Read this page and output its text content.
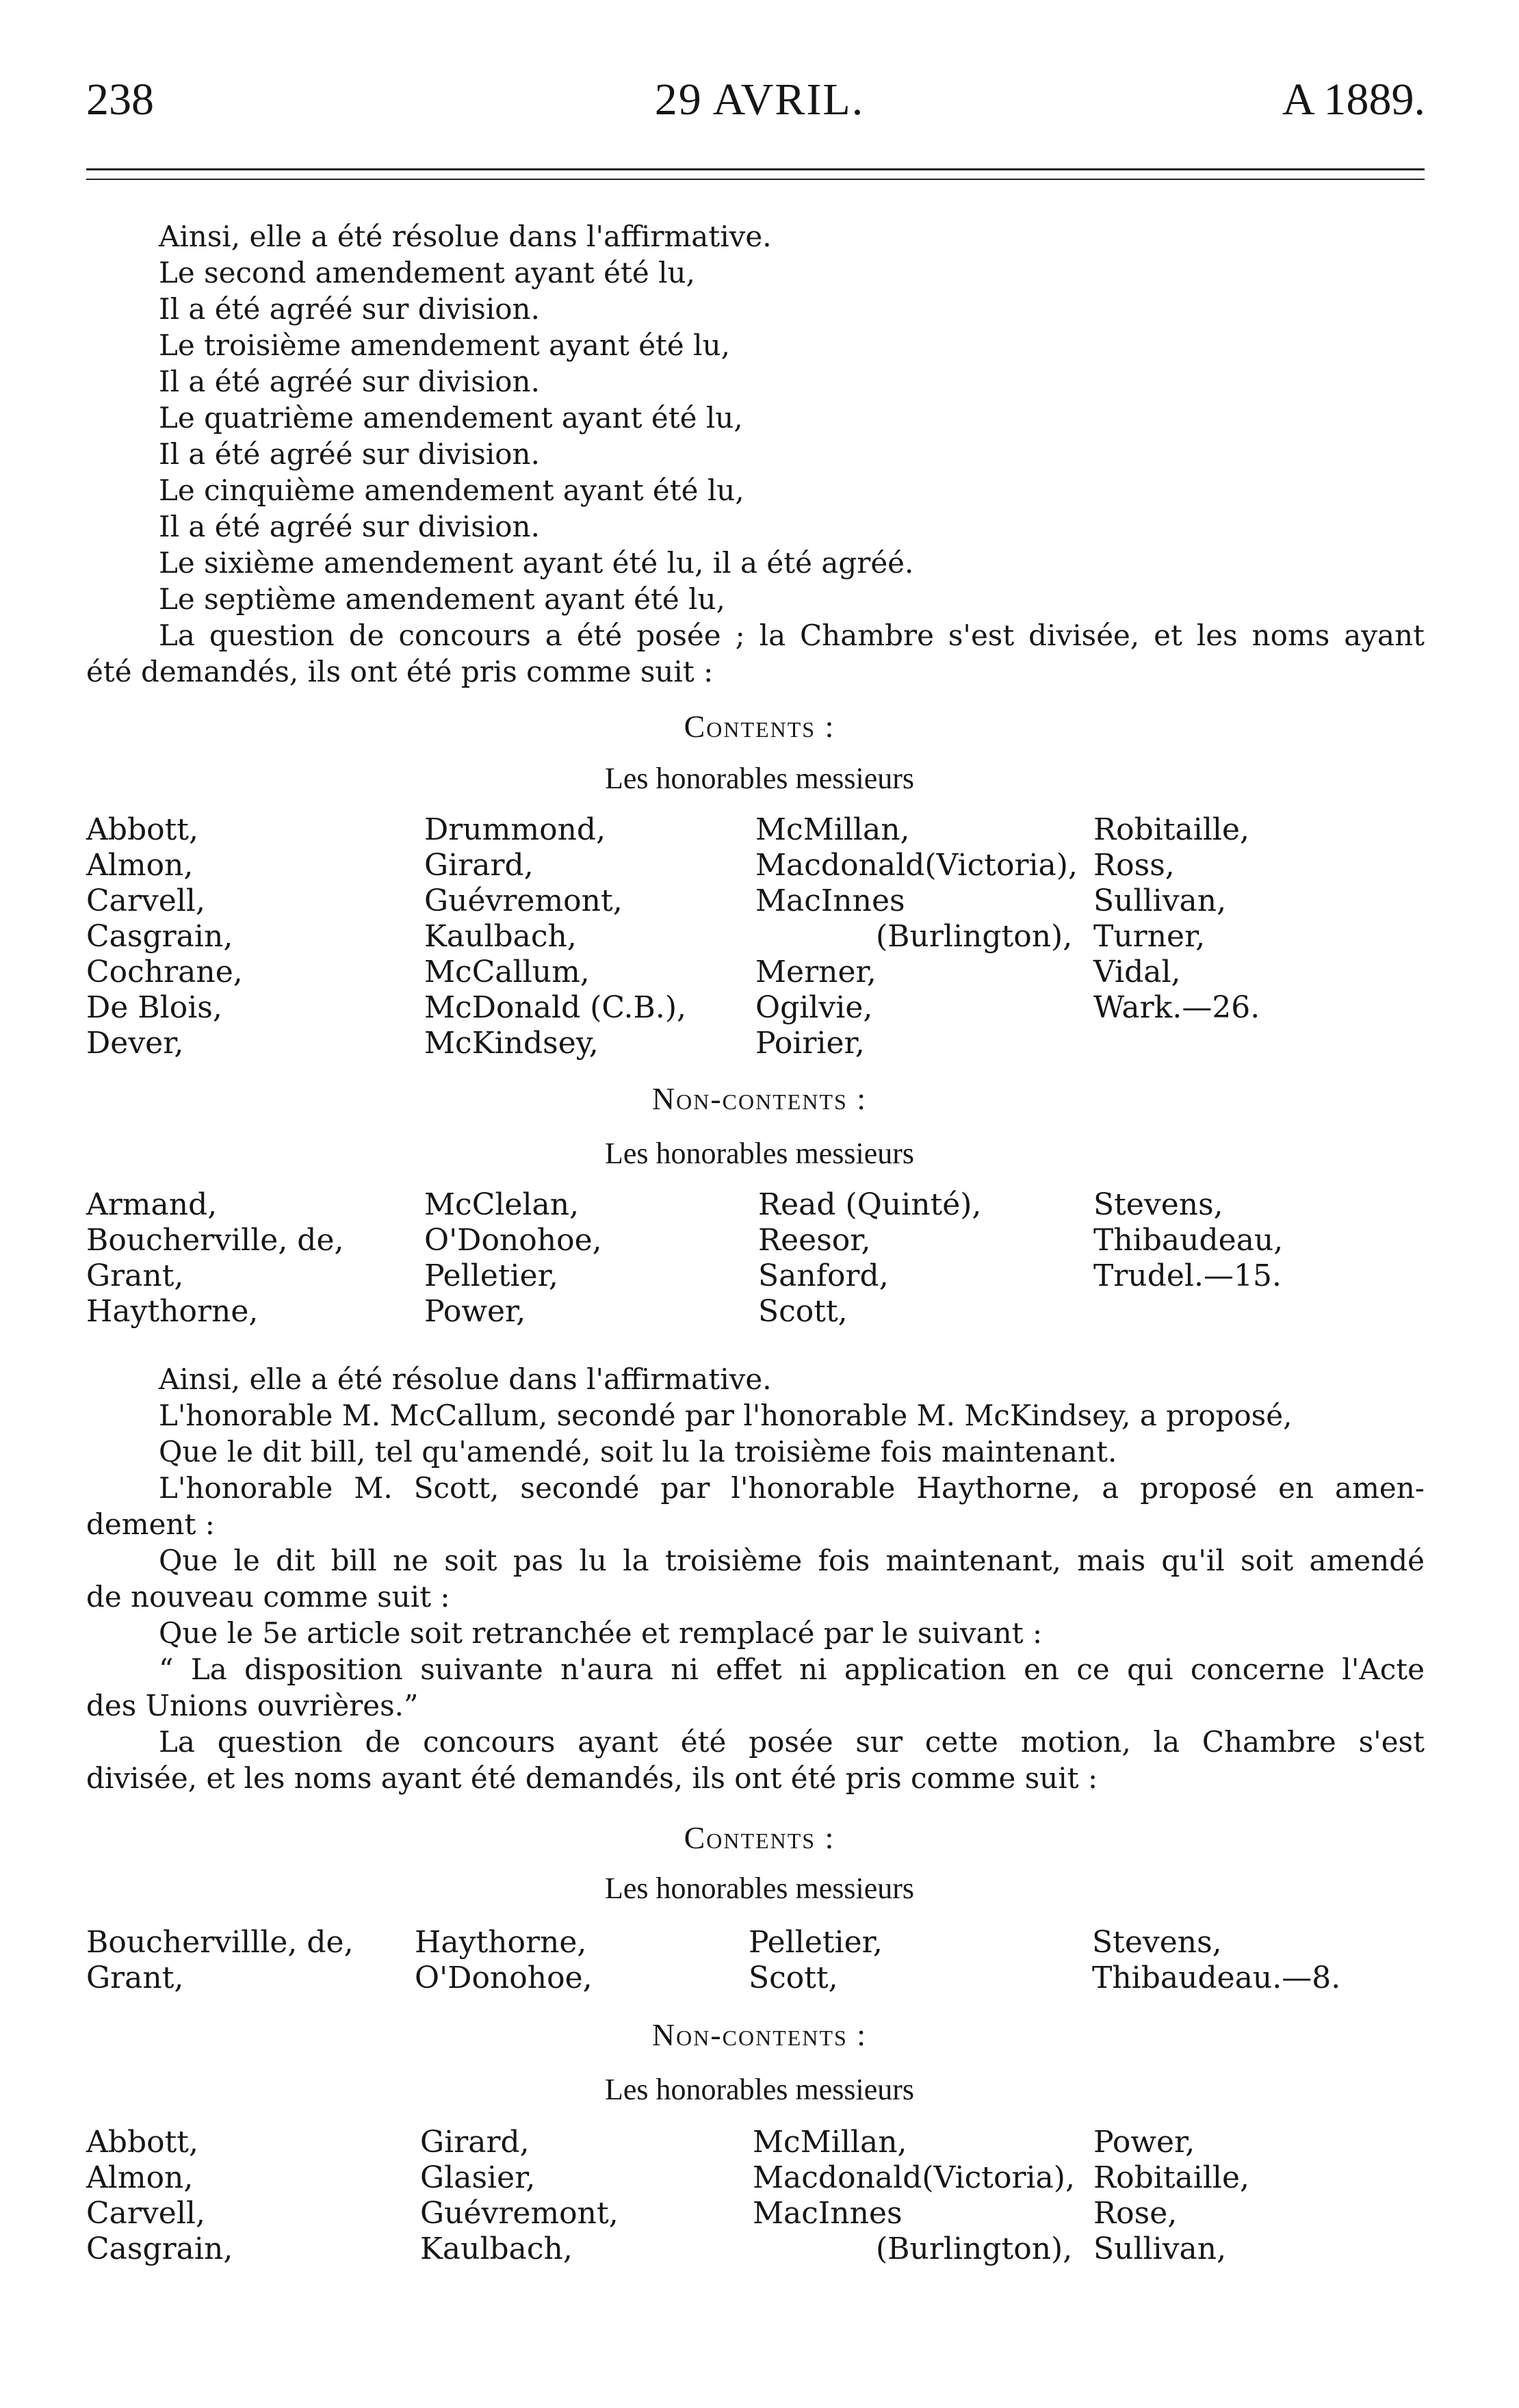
238	29 AVRIL.	A 1889.
Ainsi, elle a été résolue dans l'affirmative.
Le second amendement ayant été lu,
Il a été agréé sur division.
Le troisième amendement ayant été lu,
Il a été agréé sur division.
Le quatrième amendement ayant été lu,
Il a été agréé sur division.
Le cinquième amendement ayant été lu,
Il a été agréé sur division.
Le sixième amendement ayant été lu, il a été agréé.
Le septième amendement ayant été lu,
La question de concours a été posée ; la Chambre s'est divisée, et les noms ayant
été demandés, ils ont été pris comme suit :
Contents :
Les honorables messieurs
Abbott,
Almon,
Carvell,
Casgrain,
Cochrane,
De Blois,
Dever,
Drummond,
Girard,
Guévremont,
Kaulbach,
McCallum,
McDonald (C.B.),
McKindsey,
McMillan,
Macdonald(Victoria),
MacInnes
(Burlington),
Merner,
Ogilvie,
Poirier,
Robitaille,
Ross,
Sullivan,
Turner,
Vidal,
Wark.—26.
Non-contents :
Les honorables messieurs
Armand,
Boucherville, de,
Grant,
Haythorne,
McClelan,
O'Donohoe,
Pelletier,
Power,
Read (Quinté),
Reesor,
Sanford,
Scott,
Stevens,
Thibaudeau,
Trudel.—15.
Ainsi, elle a été résolue dans l'affirmative.
L'honorable M. McCallum, secondé par l'honorable M. McKindsey, a proposé,
Que le dit bill, tel qu'amendé, soit lu la troisième fois maintenant.
L'honorable M. Scott, secondé par l'honorable Haythorne, a proposé en amen-
dement :
Que le dit bill ne soit pas lu la troisième fois maintenant, mais qu'il soit amendé
de nouveau comme suit :
Que le 5e article soit retranchée et remplacé par le suivant :
“ La disposition suivante n'aura ni effet ni application en ce qui concerne l'Acte
des Unions ouvrières.”
La question de concours ayant été posée sur cette motion, la Chambre s'est
divisée, et les noms ayant été demandés, ils ont été pris comme suit :
Contents :
Les honorables messieurs
Bouchervillle, de,
Grant,
Haythorne,
O'Donohoe,
Pelletier,
Scott,
Stevens,
Thibaudeau.—8.
Non-contents :
Les honorables messieurs
Abbott,
Almon,
Carvell,
Casgrain,
Girard,
Glasier,
Guévremont,
Kaulbach,
McMillan,
Macdonald(Victoria),
MacInnes
(Burlington),
Power,
Robitaille,
Rose,
Sullivan,
